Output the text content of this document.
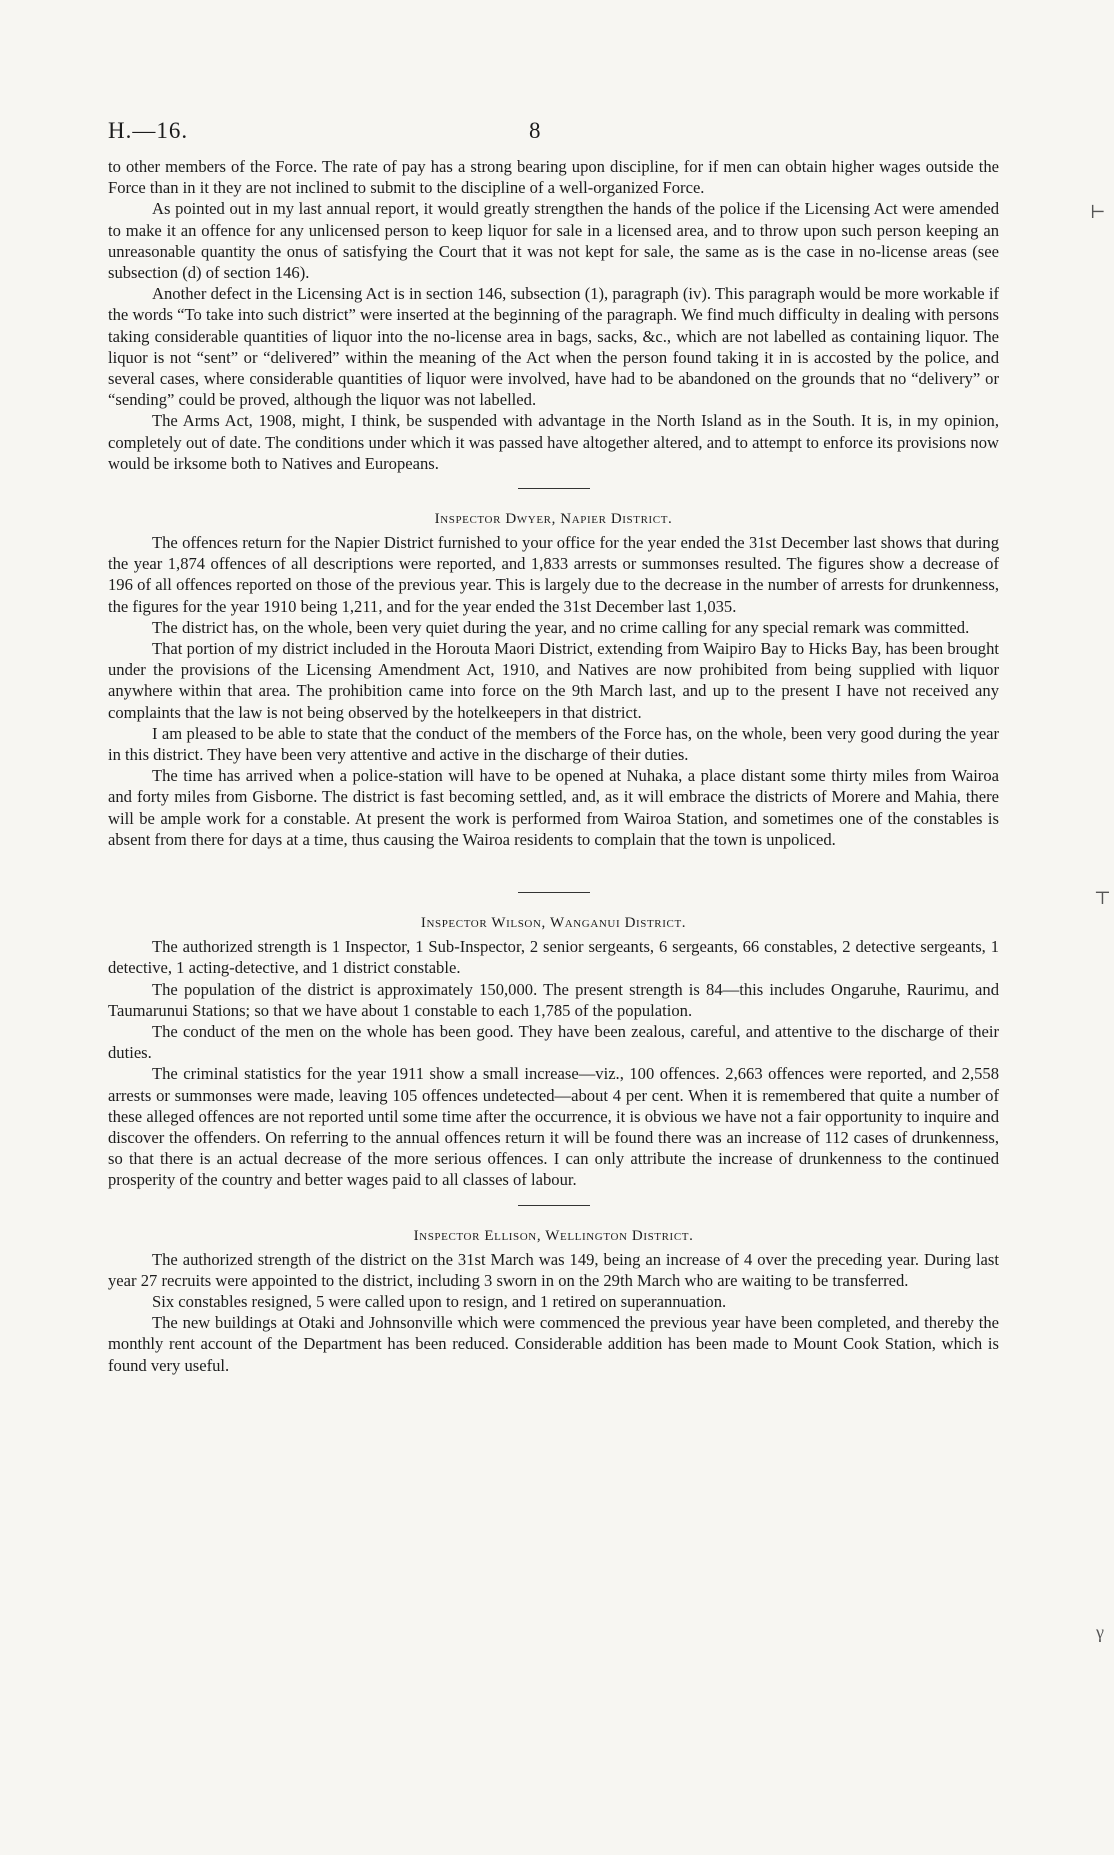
H.—16.	8

to other members of the Force. The rate of pay has a strong bearing upon discipline, for if men can obtain higher wages outside the Force than in it they are not inclined to submit to the discipline of a well-organized Force.

As pointed out in my last annual report, it would greatly strengthen the hands of the police if the Licensing Act were amended to make it an offence for any unlicensed person to keep liquor for sale in a licensed area, and to throw upon such person keeping an unreasonable quantity the onus of satisfying the Court that it was not kept for sale, the same as is the case in no-license areas (see subsection (d) of section 146).

Another defect in the Licensing Act is in section 146, subsection (1), paragraph (iv). This paragraph would be more workable if the words “To take into such district” were inserted at the beginning of the paragraph. We find much difficulty in dealing with persons taking considerable quantities of liquor into the no-license area in bags, sacks, &c., which are not labelled as containing liquor. The liquor is not “sent” or “delivered” within the meaning of the Act when the person found taking it in is accosted by the police, and several cases, where considerable quantities of liquor were involved, have had to be abandoned on the grounds that no “delivery” or “sending” could be proved, although the liquor was not labelled.

The Arms Act, 1908, might, I think, be suspended with advantage in the North Island as in the South. It is, in my opinion, completely out of date. The conditions under which it was passed have altogether altered, and to attempt to enforce its provisions now would be irksome both to Natives and Europeans.

Inspector Dwyer, Napier District.

The offences return for the Napier District furnished to your office for the year ended the 31st December last shows that during the year 1,874 offences of all descriptions were reported, and 1,833 arrests or summonses resulted. The figures show a decrease of 196 of all offences reported on those of the previous year. This is largely due to the decrease in the number of arrests for drunkenness, the figures for the year 1910 being 1,211, and for the year ended the 31st December last 1,035.

The district has, on the whole, been very quiet during the year, and no crime calling for any special remark was committed.

That portion of my district included in the Horouta Maori District, extending from Waipiro Bay to Hicks Bay, has been brought under the provisions of the Licensing Amendment Act, 1910, and Natives are now prohibited from being supplied with liquor anywhere within that area. The prohibition came into force on the 9th March last, and up to the present I have not received any complaints that the law is not being observed by the hotelkeepers in that district.

I am pleased to be able to state that the conduct of the members of the Force has, on the whole, been very good during the year in this district. They have been very attentive and active in the discharge of their duties.

The time has arrived when a police-station will have to be opened at Nuhaka, a place distant some thirty miles from Wairoa and forty miles from Gisborne. The district is fast becoming settled, and, as it will embrace the districts of Morere and Mahia, there will be ample work for a constable. At present the work is performed from Wairoa Station, and sometimes one of the constables is absent from there for days at a time, thus causing the Wairoa residents to complain that the town is unpoliced.

Inspector Wilson, Wanganui District.

The authorized strength is 1 Inspector, 1 Sub-Inspector, 2 senior sergeants, 6 sergeants, 66 constables, 2 detective sergeants, 1 detective, 1 acting-detective, and 1 district constable.

The population of the district is approximately 150,000. The present strength is 84—this includes Ongaruhe, Raurimu, and Taumarunui Stations; so that we have about 1 constable to each 1,785 of the population.

The conduct of the men on the whole has been good. They have been zealous, careful, and attentive to the discharge of their duties.

The criminal statistics for the year 1911 show a small increase—viz., 100 offences. 2,663 offences were reported, and 2,558 arrests or summonses were made, leaving 105 offences undetected—about 4 per cent. When it is remembered that quite a number of these alleged offences are not reported until some time after the occurrence, it is obvious we have not a fair opportunity to inquire and discover the offenders. On referring to the annual offences return it will be found there was an increase of 112 cases of drunkenness, so that there is an actual decrease of the more serious offences. I can only attribute the increase of drunkenness to the continued prosperity of the country and better wages paid to all classes of labour.

Inspector Ellison, Wellington District.

The authorized strength of the district on the 31st March was 149, being an increase of 4 over the preceding year. During last year 27 recruits were appointed to the district, including 3 sworn in on the 29th March who are waiting to be transferred.

Six constables resigned, 5 were called upon to resign, and 1 retired on superannuation.

The new buildings at Otaki and Johnsonville which were commenced the previous year have been completed, and thereby the monthly rent account of the Department has been reduced. Considerable addition has been made to Mount Cook Station, which is found very useful.

⊢
⊤
γ
